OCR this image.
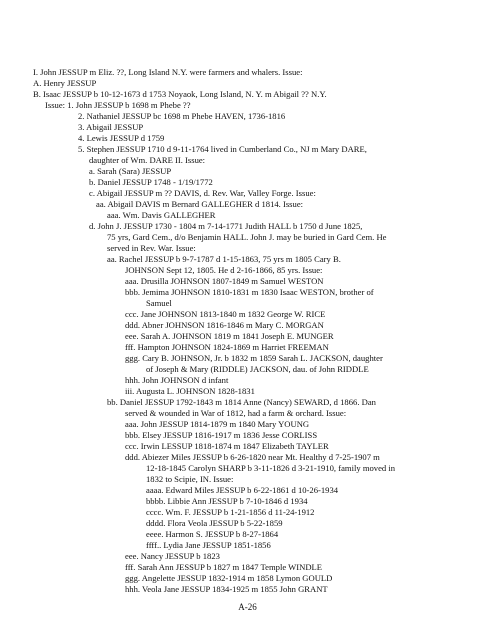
I. John JESSUP m Eliz. ??, Long Island N.Y. were farmers and whalers. Issue:
A. Henry JESSUP
B. Isaac JESSUP b 10-12-1673 d 1753 Noyaok, Long Island, N. Y. m Abigail ?? N.Y.
Issue: 1. John JESSUP b 1698 m Phebe ??
2. Nathaniel JESSUP bc 1698 m Phebe HAVEN, 1736-1816
3. Abigail JESSUP
4. Lewis JESSUP d 1759
5. Stephen JESSUP 1710 d 9-11-1764 lived in Cumberland Co., NJ m Mary DARE,
daughter of Wm. DARE II. Issue:
a. Sarah (Sara) JESSUP
b. Daniel JESSUP 1748 - 1/19/1772
c. Abigail JESSUP m ?? DAVIS, d. Rev. War, Valley Forge. Issue:
aa. Abigail DAVIS m Bernard GALLEGHER d 1814. Issue:
aaa. Wm. Davis GALLEGHER
d. John J. JESSUP 1730 - 1804 m 7-14-1771 Judith HALL b 1750 d June 1825,
75 yrs, Gard Cem., d/o Benjamin HALL. John J. may be buried in Gard Cem. He
served in Rev. War. Issue:
aa. Rachel JESSUP b 9-7-1787 d 1-15-1863, 75 yrs m 1805 Cary B.
JOHNSON Sept 12, 1805. He d 2-16-1866, 85 yrs. Issue:
aaa. Drusilla JOHNSON 1807-1849 m Samuel WESTON
bbb. Jemima JOHNSON 1810-1831 m 1830 Isaac WESTON, brother of
Samuel
ccc. Jane JOHNSON 1813-1840 m 1832 George W. RICE
ddd. Abner JOHNSON 1816-1846 m Mary C. MORGAN
eee. Sarah A. JOHNSON 1819 m 1841 Joseph E. MUNGER
fff. Hampton JOHNSON 1824-1869 m Harriet FREEMAN
ggg. Cary B. JOHNSON, Jr. b 1832 m 1859 Sarah L. JACKSON, daughter
of Joseph & Mary (RIDDLE) JACKSON, dau. of John RIDDLE
hhh. John JOHNSON d infant
iii. Augusta L. JOHNSON 1828-1831
bb. Daniel JESSUP 1792-1843 m 1814 Anne (Nancy) SEWARD, d 1866. Dan
served & wounded in War of 1812, had a farm & orchard. Issue:
aaa. John JESSUP 1814-1879 m 1840 Mary YOUNG
bbb. Elsey JESSUP 1816-1917 m 1836 Jesse CORLISS
ccc. Irwin LESSUP 1818-1874 m 1847 Elizabeth TAYLER
ddd. Abiezer Miles JESSUP b 6-26-1820 near Mt. Healthy d 7-25-1907 m
12-18-1845 Carolyn SHARP b 3-11-1826 d 3-21-1910, family moved in
1832 to Scipie, IN. Issue:
aaaa. Edward Miles JESSUP b 6-22-1861 d 10-26-1934
bbbb. Libbie Ann JESSUP b 7-10-1846 d 1934
cccc. Wm. F. JESSUP b 1-21-1856 d 11-24-1912
dddd. Flora Veola JESSUP b 5-22-1859
eeee. Harmon S. JESSUP b 8-27-1864
ffff.. Lydia Jane JESSUP 1851-1856
eee. Nancy JESSUP b 1823
fff. Sarah Ann JESSUP b 1827 m 1847 Temple WINDLE
ggg. Angelette JESSUP 1832-1914 m 1858 Lymon GOULD
hhh. Veola Jane JESSUP 1834-1925 m 1855 John GRANT
A-26
